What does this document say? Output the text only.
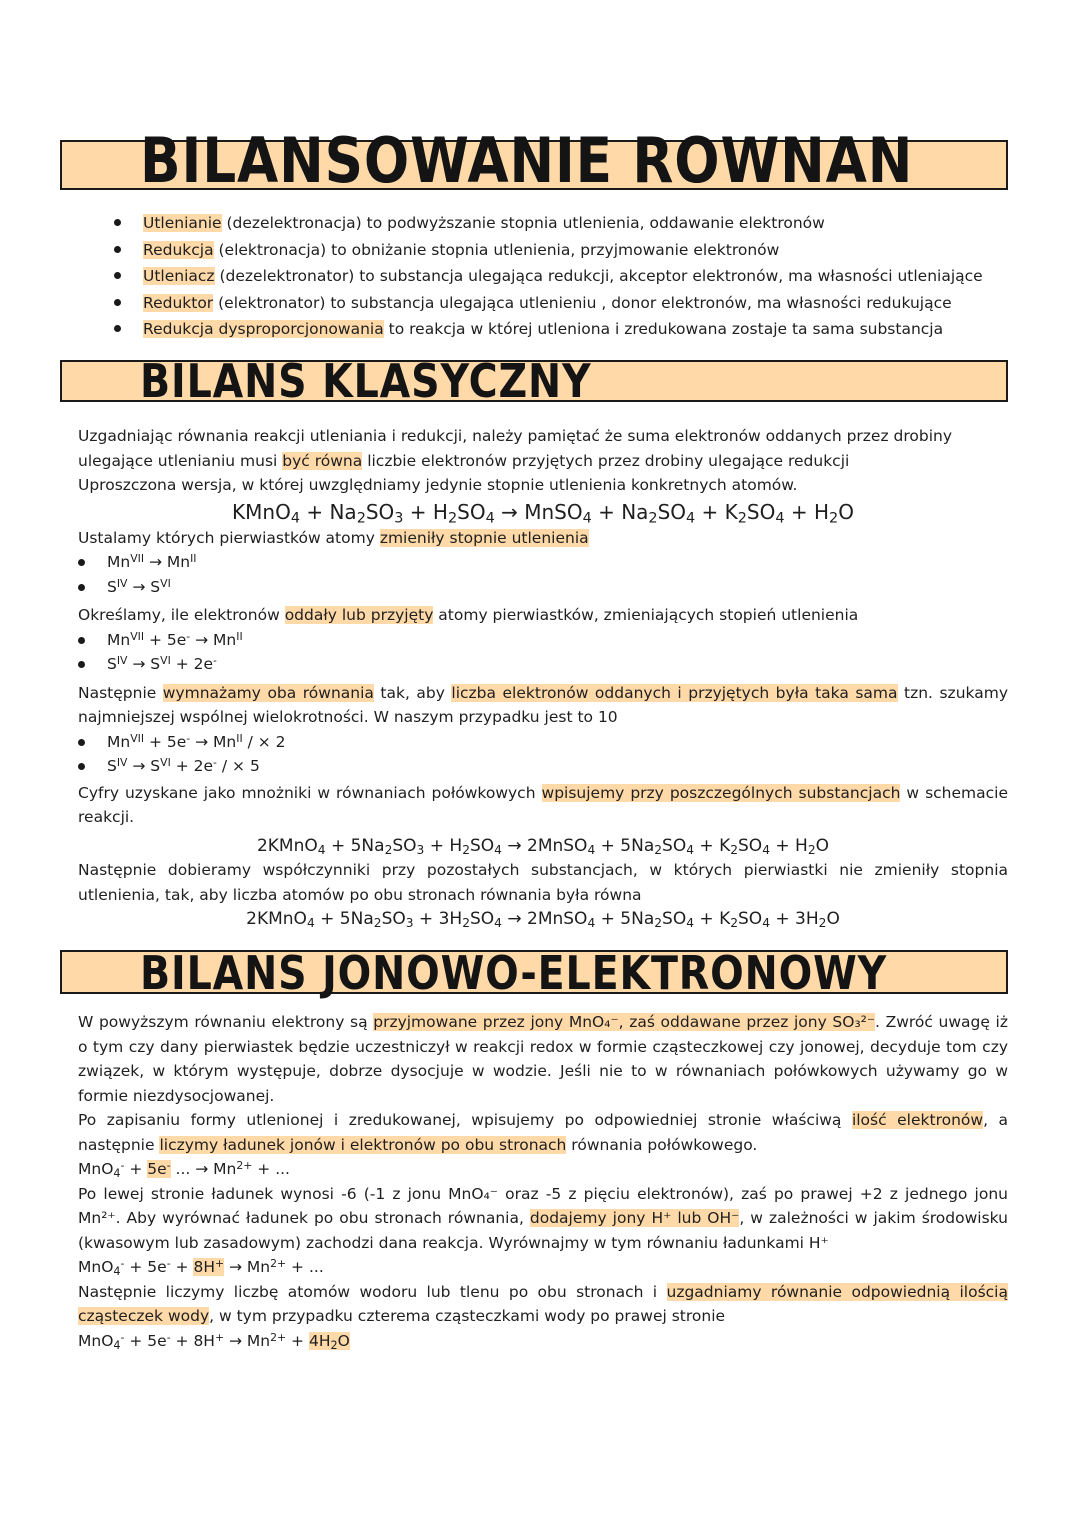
BILANSOWANIE ROWNAN
Utlenianie (dezelektronacja) to podwyższanie stopnia utlenienia, oddawanie elektronów
Redukcja (elektronacja) to obniżanie stopnia utlenienia, przyjmowanie elektronów
Utleniacz (dezelektronator) to substancja ulegająca redukcji, akceptor elektronów, ma własności utleniające
Reduktor (elektronator) to substancja ulegająca utlenieniu , donor elektronów, ma własności redukujące
Redukcja dysproporcjonowania to reakcja w której utleniona i zredukowana zostaje ta sama substancja
BILANS KLASYCZNY

Uzgadniając równania reakcji utleniania i redukcji, należy pamiętać że suma elektronów oddanych przez drobiny ulegające utlenianiu musi być równa liczbie elektronów przyjętych przez drobiny ulegające redukcji

Uproszczona wersja, w której uwzględniamy jedynie stopnie utlenienia konkretnych atomów.

KMnO$_4$ + $Na_2SO_3 + H_2SO_4$ → MnSO$_4$ + $Na_2SO_4 + K_2SO_4 + H_2O$

Ustalamy których pierwiastków atomy zmieniły stopnie utlenienia

$Mn^{VII} \to Mn^{II}$
$S^{IV} \to S^{VI}$

Określamy, ile elektronów oddały lub przyjęty atomy pierwiastków, zmieniających stopień utlenienia

$Mn^{VII} + 5e^- \to Mn^{II}$
$S^{IV} \to S^{VI} + 2e^-$

Następnie wymnażamy oba równania tak, aby liczba elektronów oddanych i przyjętych była taka sama tzn. szukamy najmniejszej wspólnej wielokrotności. W naszym przypadku jest to 10

$Mn^{VII} + 5e^- \to Mn^{II}$ / × 2
$S^{IV} \to S^{VI} + 2e^-$ / × 5

Cyfry uzyskane jako mnożniki w równaniach połówkowych wpisujemy przy poszczególnych substancjach w schemacie reakcji.

2KMnO$_4$ + $5Na_2SO_3 + H_2SO_4$ → 2MnSO$_4$ + $5Na_2SO_4 + K_2SO_4 + H_2O$

Następnie dobieramy współczynniki przy pozostałych substancjach, w których pierwiastki nie zmieniły stopnia utlenienia, tak, aby liczba atomów po obu stronach równania była równa

2KMnO$_4$ + $5Na_2SO_3 + 3H_2SO_4$ → 2MnSO$_4$ + $5Na_2SO_4 + K_2SO_4 + 3H_2O$

BILANS JONOWO-ELEKTRONOWY

W powyższym równaniu elektrony są przyjmowane przez jony MnO₄⁻, zaś oddawane przez jony SO₃²⁻. Zwróć uwagę iż o tym czy dany pierwiastek będzie uczestniczył w reakcji redox w formie cząsteczkowej czy jonowej, decyduje tom czy związek, w którym występuje, dobrze dysocjuje w wodzie. Jeśli nie to w równaniach połówkowych używamy go w formie niezdysocjowanej.

Po zapisaniu formy utlenionej i zredukowanej, wpisujemy po odpowiedniej stronie właściwą ilość elektronów, a następnie liczymy ładunek jonów i elektronów po obu stronach równania połówkowego.

MnO$_4$- + 5e- ... → $Mn^{2+}$ + ...

Po lewej stronie ładunek wynosi -6 (-1 z jonu MnO₄⁻ oraz -5 z pięciu elektronów), zaś po prawej +2 z jednego jonu Mn²⁺. Aby wyrównać ładunek po obu stronach równania, dodajemy jony H⁺ lub OH⁻, w zależności w jakim środowisku (kwasowym lub zasadowym) zachodzi dana reakcja. Wyrównajmy w tym równaniu ładunkami H⁺

$MnO_4^- + 5e^- + 8H^+ \to Mn^{2+}$ + ...

Następnie liczymy liczbę atomów wodoru lub tlenu po obu stronach i uzgadniamy równanie odpowiednią ilością cząsteczek wody, w tym przypadku czterema cząsteczkami wody po prawej stronie

$MnO_4^- + 5e^- + 8H^+ \to Mn^{2+} + 4H_2O$
